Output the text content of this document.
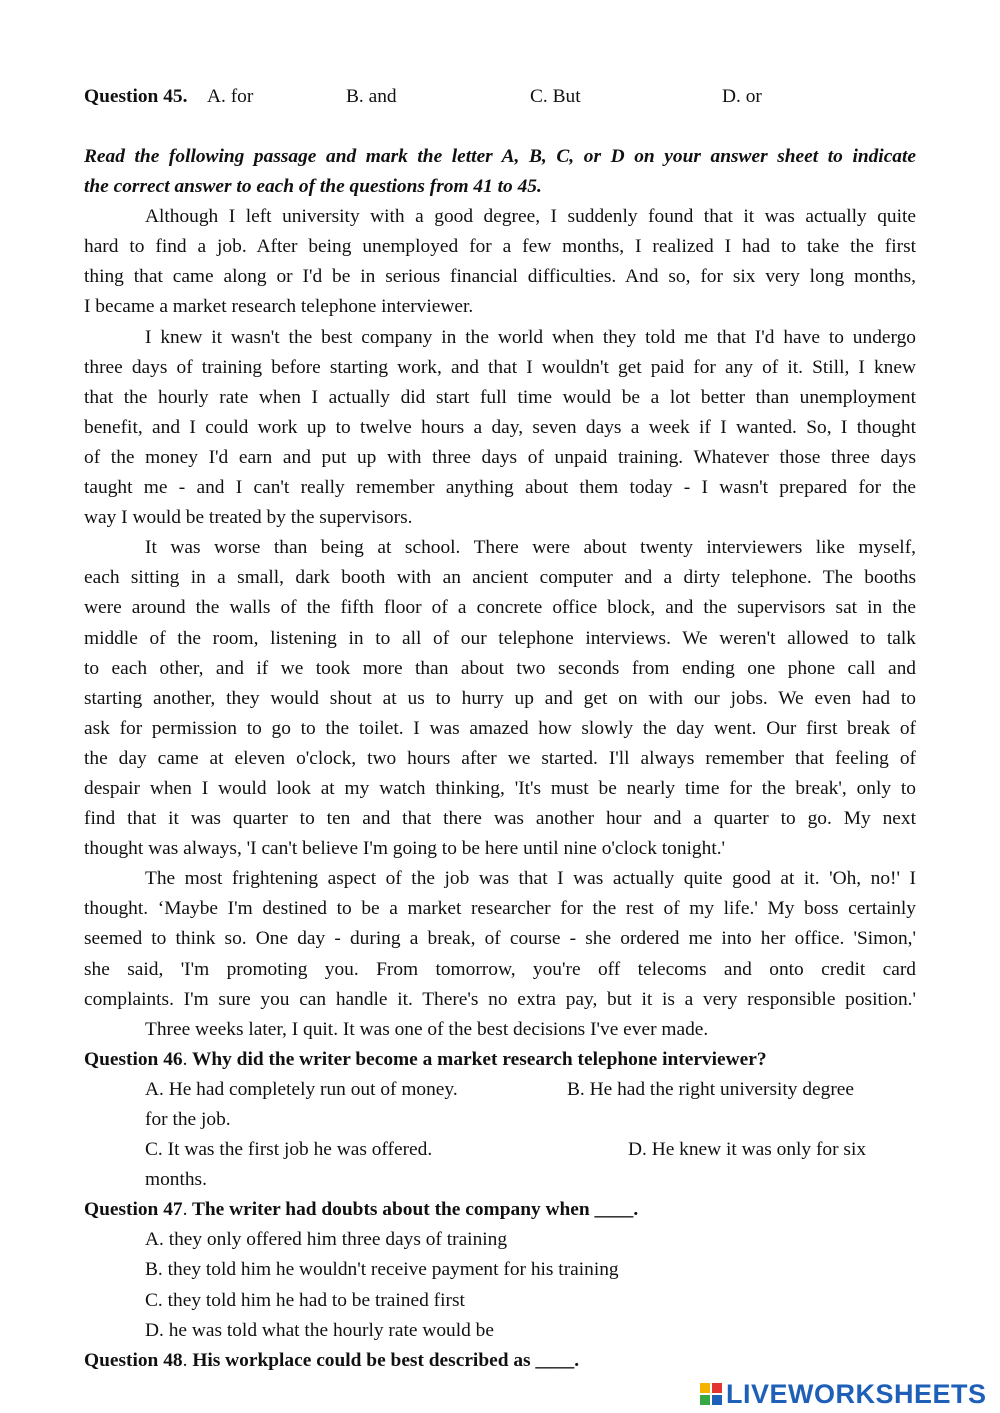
Question 45. A. for	B. and	C. But	D. or
Read the following passage and mark the letter A, B, C, or D on your answer sheet to indicate
the correct answer to each of the questions from 41 to 45.
Although I left university with a good degree, I suddenly found that it was actually quite
hard to find a job. After being unemployed for a few months, I realized I had to take the first
thing that came along or I'd be in serious financial difficulties. And so, for six very long months,
I became a market research telephone interviewer.
I knew it wasn't the best company in the world when they told me that I'd have to undergo
three days of training before starting work, and that I wouldn't get paid for any of it. Still, I knew
that the hourly rate when I actually did start full time would be a lot better than unemployment
benefit, and I could work up to twelve hours a day, seven days a week if I wanted. So, I thought
of the money I'd earn and put up with three days of unpaid training. Whatever those three days
taught me - and I can't really remember anything about them today - I wasn't prepared for the
way I would be treated by the supervisors.
It was worse than being at school. There were about twenty interviewers like myself,
each sitting in a small, dark booth with an ancient computer and a dirty telephone. The booths
were around the walls of the fifth floor of a concrete office block, and the supervisors sat in the
middle of the room, listening in to all of our telephone interviews. We weren't allowed to talk
to each other, and if we took more than about two seconds from ending one phone call and
starting another, they would shout at us to hurry up and get on with our jobs. We even had to
ask for permission to go to the toilet. I was amazed how slowly the day went. Our first break of
the day came at eleven o'clock, two hours after we started. I'll always remember that feeling of
despair when I would look at my watch thinking, 'It's must be nearly time for the break', only to
find that it was quarter to ten and that there was another hour and a quarter to go. My next
thought was always, 'I can't believe I'm going to be here until nine o'clock tonight.'
The most frightening aspect of the job was that I was actually quite good at it. 'Oh, no!' I
thought. ‘Maybe I'm destined to be a market researcher for the rest of my life.' My boss certainly
seemed to think so. One day - during a break, of course - she ordered me into her office. 'Simon,'
she said, 'I'm promoting you. From tomorrow, you're off telecoms and onto credit card
complaints. I'm sure you can handle it. There's no extra pay, but it is a very responsible position.'
Three weeks later, I quit. It was one of the best decisions I've ever made.
Question 46. Why did the writer become a market research telephone interviewer?
A. He had completely run out of money.	B. He had the right university degree
for the job.
C. It was the first job he was offered.	D. He knew it was only for six
months.
Question 47. The writer had doubts about the company when ____.
A. they only offered him three days of training
B. they told him he wouldn't receive payment for his training
C. they told him he had to be trained first
D. he was told what the hourly rate would be
Question 48. His workplace could be best described as ____.
LIVEWORKSHEETS
